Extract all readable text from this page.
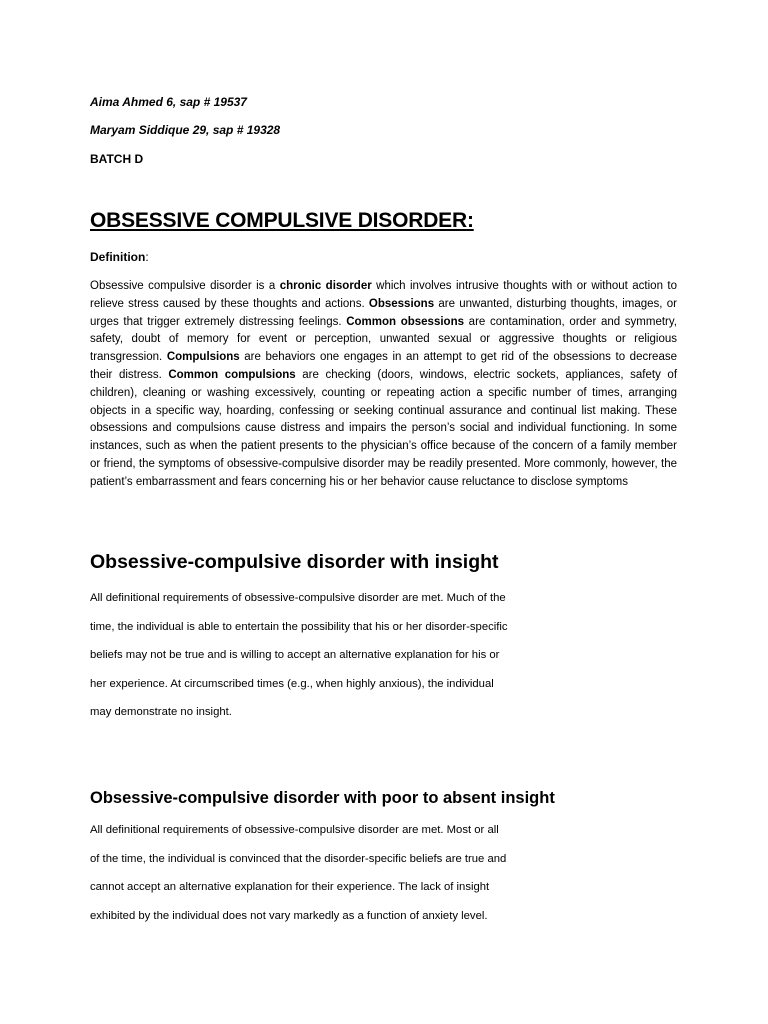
Aima Ahmed 6, sap # 19537
Maryam Siddique 29, sap # 19328
BATCH D
OBSESSIVE COMPULSIVE DISORDER:
Definition:
Obsessive compulsive disorder is a chronic disorder which involves intrusive thoughts with or without action to relieve stress caused by these thoughts and actions. Obsessions are unwanted, disturbing thoughts, images, or urges that trigger extremely distressing feelings. Common obsessions are contamination, order and symmetry, safety, doubt of memory for event or perception, unwanted sexual or aggressive thoughts or religious transgression. Compulsions are behaviors one engages in an attempt to get rid of the obsessions to decrease their distress. Common compulsions are checking (doors, windows, electric sockets, appliances, safety of children), cleaning or washing excessively, counting or repeating action a specific number of times, arranging objects in a specific way, hoarding, confessing or seeking continual assurance and continual list making. These obsessions and compulsions cause distress and impairs the person’s social and individual functioning. In some instances, such as when the patient presents to the physician’s office because of the concern of a family member or friend, the symptoms of obsessive-compulsive disorder may be readily presented. More commonly, however, the patient’s embarrassment and fears concerning his or her behavior cause reluctance to disclose symptoms
Obsessive-compulsive disorder with insight
All definitional requirements of obsessive-compulsive disorder are met. Much of the
time, the individual is able to entertain the possibility that his or her disorder-specific
beliefs may not be true and is willing to accept an alternative explanation for his or
her experience. At circumscribed times (e.g., when highly anxious), the individual
may demonstrate no insight.
Obsessive-compulsive disorder with poor to absent insight
All definitional requirements of obsessive-compulsive disorder are met. Most or all
of the time, the individual is convinced that the disorder-specific beliefs are true and
cannot accept an alternative explanation for their experience. The lack of insight
exhibited by the individual does not vary markedly as a function of anxiety level.
